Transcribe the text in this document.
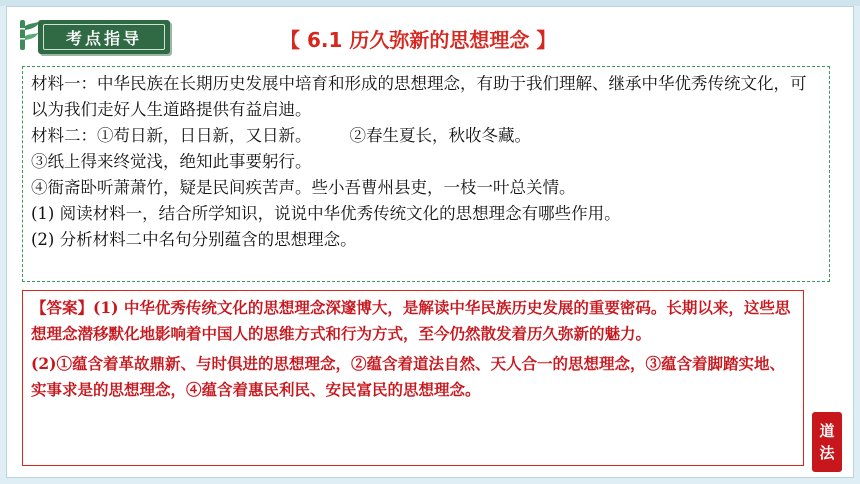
考点指导	【 6.1 历久弥新的思想理念 】

材料一：中华民族在长期历史发展中培育和形成的思想理念，有助于我们理解、继承中华优秀传统文化，可以为我们走好人生道路提供有益启迪。

材料二：①苟日新，日日新，又日新。 ②春生夏长，秋收冬藏。

③纸上得来终觉浅，绝知此事要躬行。

④衙斋卧听萧萧竹，疑是民间疾苦声。些小吾曹州县吏，一枝一叶总关情。

(1) 阅读材料一，结合所学知识，说说中华优秀传统文化的思想理念有哪些作用。

(2) 分析材料二中名句分别蕴含的思想理念。

【答案】(1) 中华优秀传统文化的思想理念深邃博大，是解读中华民族历史发展的重要密码。长期以来，这些思想理念潜移默化地影响着中国人的思维方式和行为方式，至今仍然散发着历久弥新的魅力。

(2)①蕴含着革故鼎新、与时俱进的思想理念，②蕴含着道法自然、天人合一的思想理念，③蕴含着脚踏实地、实事求是的思想理念，④蕴含着惠民利民、安民富民的思想理念。

道
法
